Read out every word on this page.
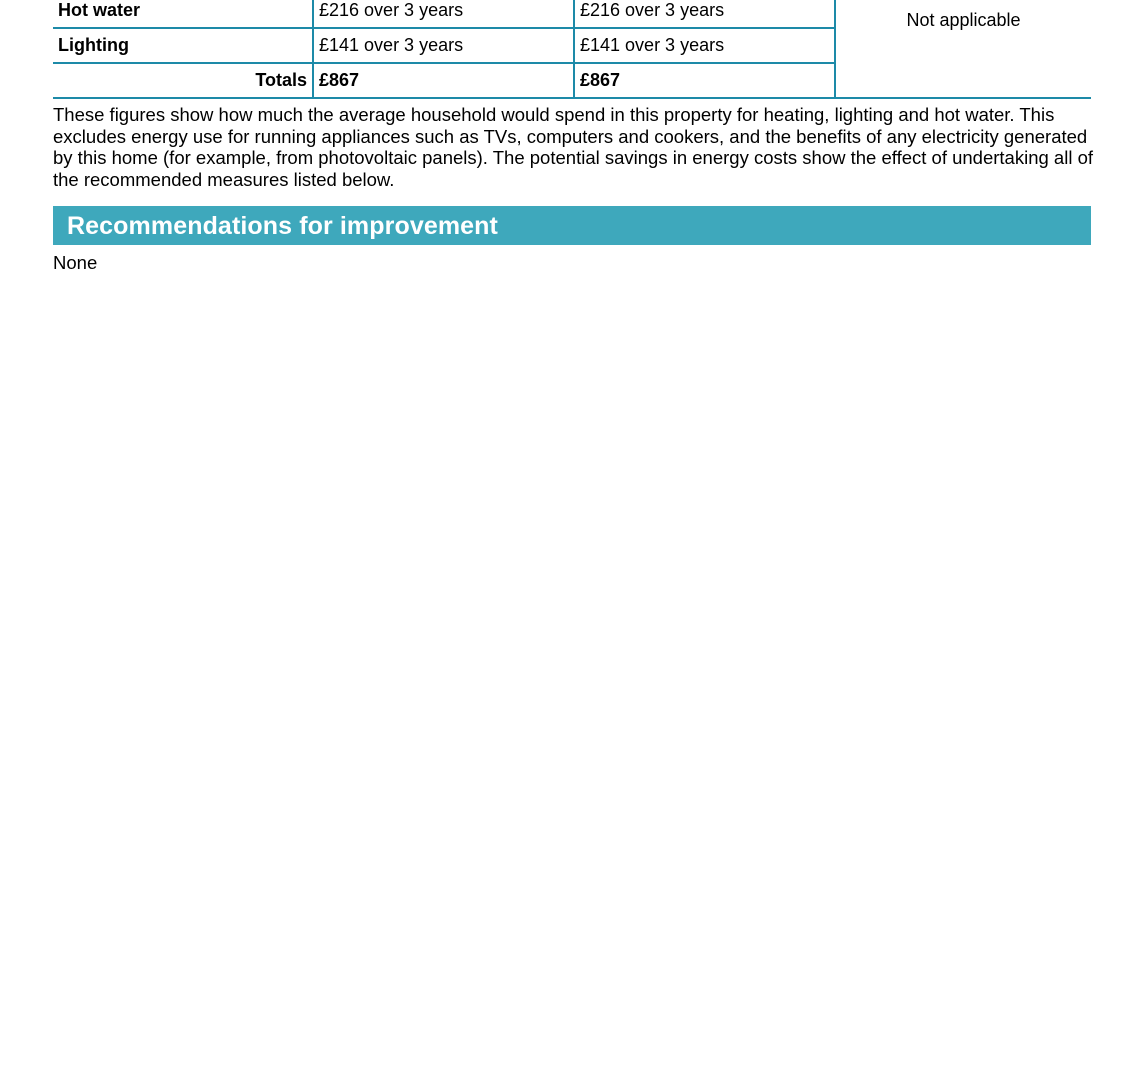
Hot water	£216 over 3 years	£216 over 3 years	Not applicable
Lighting	£141 over 3 years	£141 over 3 years	
Totals	£867	£867	

These figures show how much the average household would spend in this property for heating, lighting and hot water. This excludes energy use for running appliances such as TVs, computers and cookers, and the benefits of any electricity generated by this home (for example, from photovoltaic panels). The potential savings in energy costs show the effect of undertaking all of the recommended measures listed below.

Recommendations for improvement

None
